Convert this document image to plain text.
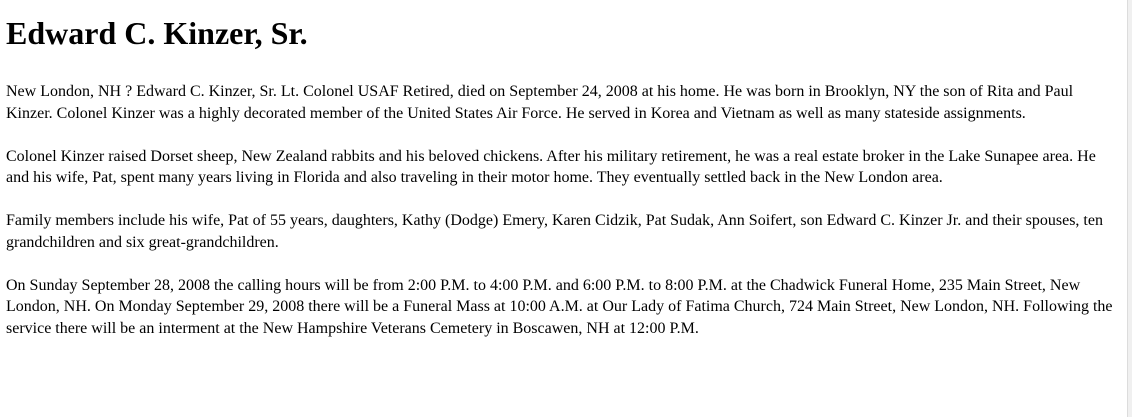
Edward C. Kinzer, Sr.

New London, NH ? Edward C. Kinzer, Sr. Lt. Colonel USAF Retired, died on September 24, 2008 at his home. He was born in Brooklyn, NY the son of Rita and Paul Kinzer. Colonel Kinzer was a highly decorated member of the United States Air Force. He served in Korea and Vietnam as well as many stateside assignments.

Colonel Kinzer raised Dorset sheep, New Zealand rabbits and his beloved chickens. After his military retirement, he was a real estate broker in the Lake Sunapee area. He and his wife, Pat, spent many years living in Florida and also traveling in their motor home. They eventually settled back in the New London area.

Family members include his wife, Pat of 55 years, daughters, Kathy (Dodge) Emery, Karen Cidzik, Pat Sudak, Ann Soifert, son Edward C. Kinzer Jr. and their spouses, ten grandchildren and six great-grandchildren.

On Sunday September 28, 2008 the calling hours will be from 2:00 P.M. to 4:00 P.M. and 6:00 P.M. to 8:00 P.M. at the Chadwick Funeral Home, 235 Main Street, New London, NH. On Monday September 29, 2008 there will be a Funeral Mass at 10:00 A.M. at Our Lady of Fatima Church, 724 Main Street, New London, NH. Following the service there will be an interment at the New Hampshire Veterans Cemetery in Boscawen, NH at 12:00 P.M.
